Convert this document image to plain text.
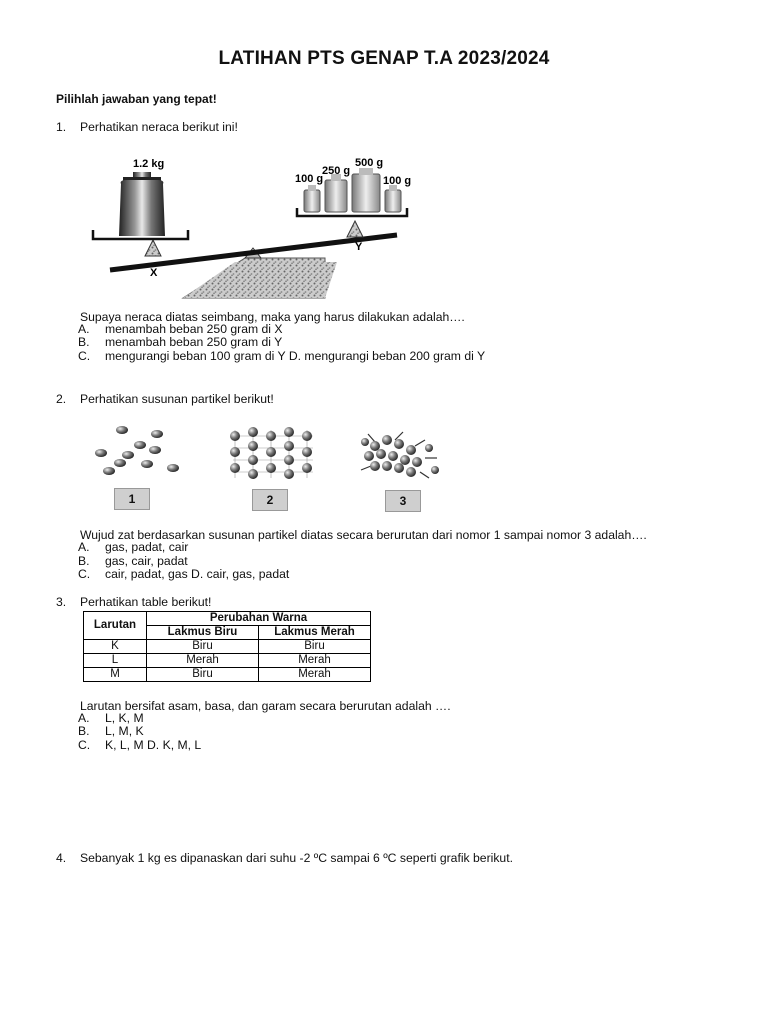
LATIHAN PTS GENAP T.A 2023/2024
Pilihlah jawaban yang tepat!
1. Perhatikan neraca berikut ini!
1.2 kg
100 g
250 g
500 g
100 g
X
Y
Supaya neraca diatas seimbang, maka yang harus dilakukan adalah….
A. menambah beban 250 gram di X
B. menambah beban 250 gram di Y
C. mengurangi beban 100 gram di Y D. mengurangi beban 200 gram di Y
2. Perhatikan susunan partikel berikut!
1	2	3
Wujud zat berdasarkan susunan partikel diatas secara berurutan dari nomor 1 sampai nomor 3 adalah….
A. gas, padat, cair
B. gas, cair, padat
C. cair, padat, gas D. cair, gas, padat
3. Perhatikan table berikut!
Larutan	Perubahan Warna	
	Lakmus Biru	Lakmus Merah
K	Biru	Biru
L	Merah	Merah
M	Biru	Merah
Larutan bersifat asam, basa, dan garam secara berurutan adalah ….
A. L, K, M
B. L, M, K
C. K, L, M D. K, M, L
4. Sebanyak 1 kg es dipanaskan dari suhu -2 ºC sampai 6 ºC seperti grafik berikut.
